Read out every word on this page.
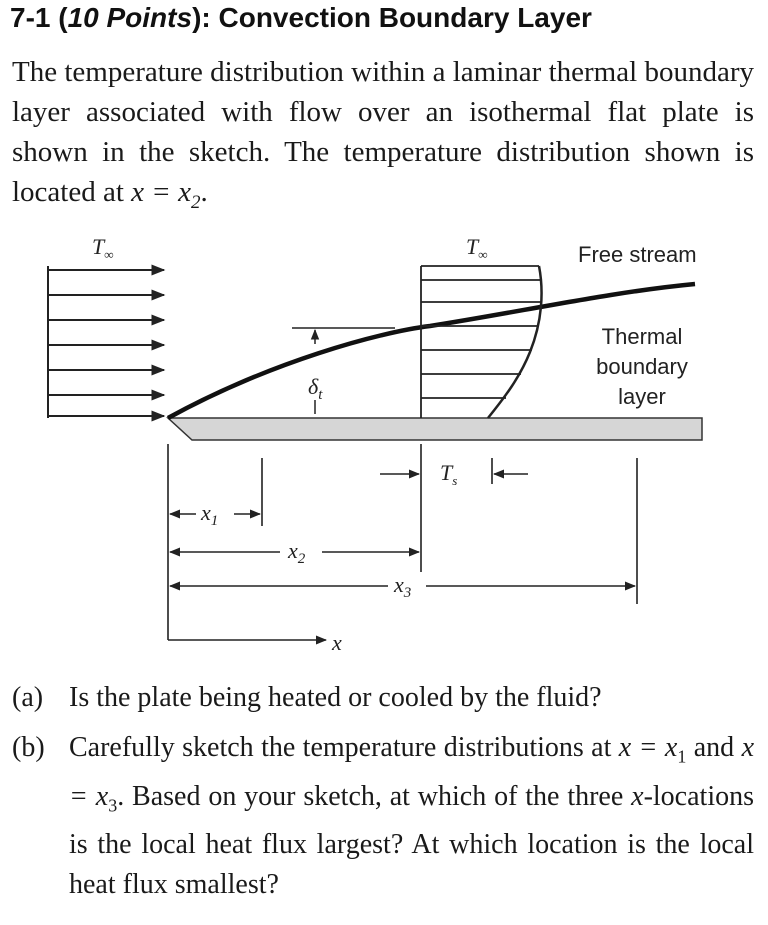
7-1 (10 Points): Convection Boundary Layer

The temperature distribution within a laminar thermal boundary layer associated with flow over an isothermal flat plate is shown in the sketch. The temperature distribution shown is located at $x = x_2$.

$\delta_t$
$T_\infty$	$T_\infty$	Free stream
Thermal
boundary
layer
$x_1$
$x_2$
$x_3$
$T_s$
x
(a) Is the plate being heated or cooled by the fluid?
(b) Carefully sketch the temperature distributions at $x = x_1$ and $x = x_3$. Based on your sketch, at which of the three x-locations is the local heat flux largest? At which location is the local heat flux smallest?
